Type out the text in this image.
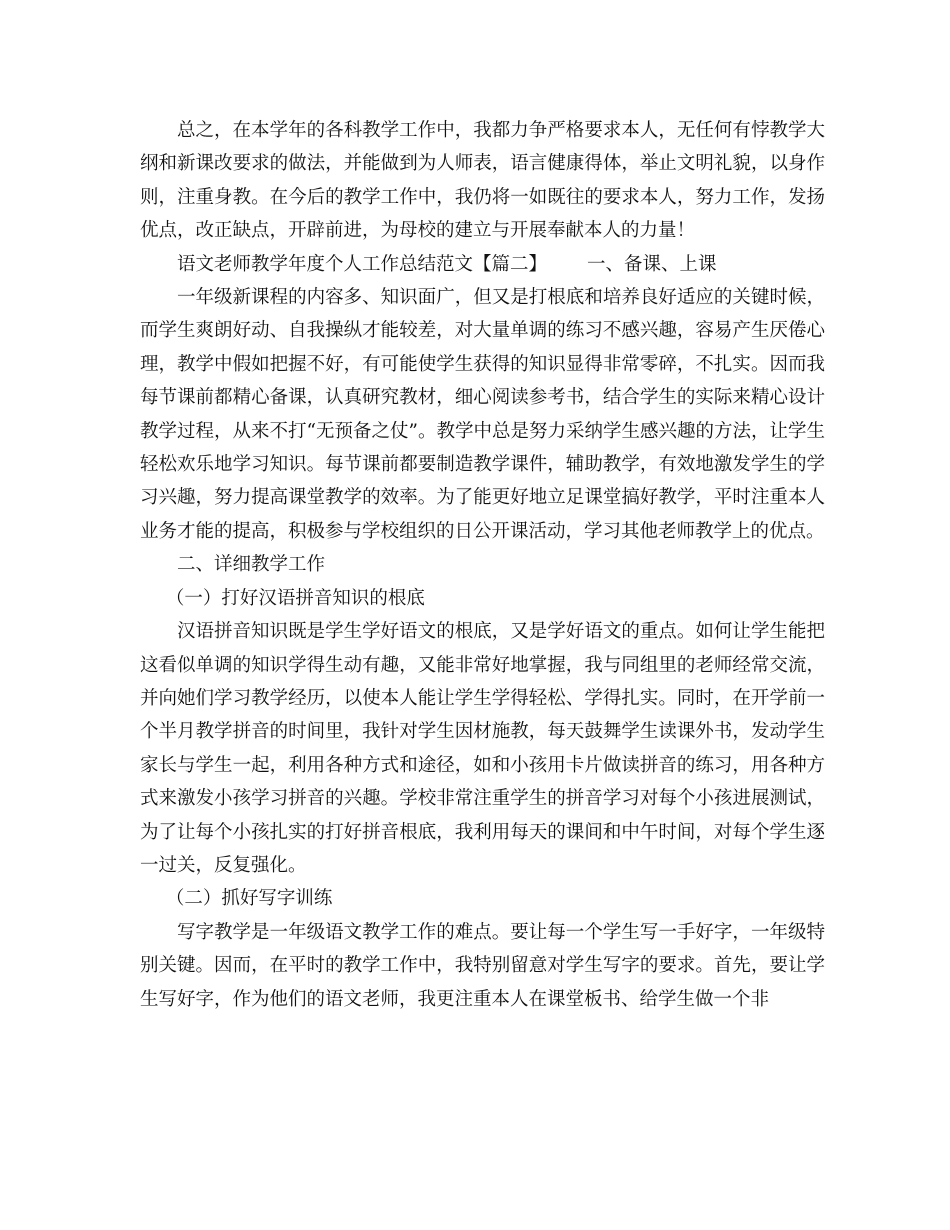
总之，在本学年的各科教学工作中，我都力争严格要求本人，无任何有悖教学大纲和新课改要求的做法，并能做到为人师表，语言健康得体，举止文明礼貌，以身作则，注重身教。在今后的教学工作中，我仍将一如既往的要求本人，努力工作，发扬优点，改正缺点，开辟前进，为母校的建立与开展奉献本人的力量！

语文老师教学年度个人工作总结范文【篇二】 一、备课、上课

一年级新课程的内容多、知识面广，但又是打根底和培养良好适应的关键时候，而学生爽朗好动、自我操纵才能较差，对大量单调的练习不感兴趣，容易产生厌倦心理，教学中假如把握不好，有可能使学生获得的知识显得非常零碎，不扎实。因而我每节课前都精心备课，认真研究教材，细心阅读参考书，结合学生的实际来精心设计教学过程，从来不打“无预备之仗”。教学中总是努力采纳学生感兴趣的方法，让学生轻松欢乐地学习知识。每节课前都要制造教学课件，辅助教学，有效地激发学生的学习兴趣，努力提高课堂教学的效率。为了能更好地立足课堂搞好教学，平时注重本人业务才能的提高，积极参与学校组织的日公开课活动，学习其他老师教学上的优点。

二、详细教学工作

（一）打好汉语拼音知识的根底

汉语拼音知识既是学生学好语文的根底，又是学好语文的重点。如何让学生能把这看似单调的知识学得生动有趣，又能非常好地掌握，我与同组里的老师经常交流，并向她们学习教学经历，以使本人能让学生学得轻松、学得扎实。同时，在开学前一个半月教学拼音的时间里，我针对学生因材施教，每天鼓舞学生读课外书，发动学生家长与学生一起，利用各种方式和途径，如和小孩用卡片做读拼音的练习，用各种方式来激发小孩学习拼音的兴趣。学校非常注重学生的拼音学习对每个小孩进展测试，为了让每个小孩扎实的打好拼音根底，我利用每天的课间和中午时间，对每个学生逐一过关，反复强化。

（二）抓好写字训练

写字教学是一年级语文教学工作的难点。要让每一个学生写一手好字，一年级特别关键。因而，在平时的教学工作中，我特别留意对学生写字的要求。首先，要让学生写好字，作为他们的语文老师，我更注重本人在课堂板书、给学生做一个非
